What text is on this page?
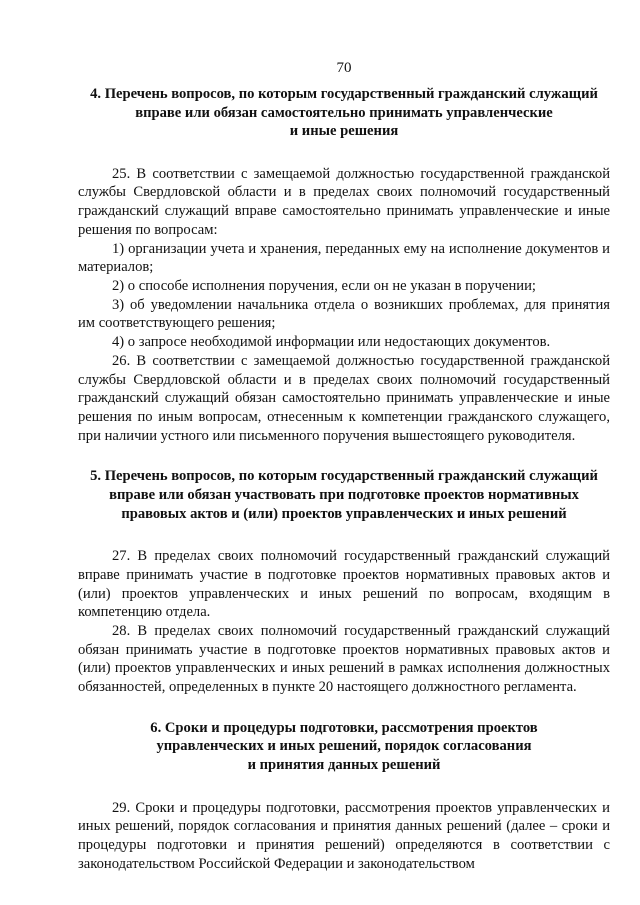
70
4. Перечень вопросов, по которым государственный гражданский служащий
вправе или обязан самостоятельно принимать управленческие
и иные решения

25. В соответствии с замещаемой должностью государственной гражданской службы Свердловской области и в пределах своих полномочий государственный гражданский служащий вправе самостоятельно принимать управленческие и иные решения по вопросам:

1) организации учета и хранения, переданных ему на исполнение документов и материалов;

2) о способе исполнения поручения, если он не указан в поручении;

3) об уведомлении начальника отдела о возникших проблемах, для принятия им соответствующего решения;

4) о запросе необходимой информации или недостающих документов.

26. В соответствии с замещаемой должностью государственной гражданской службы Свердловской области и в пределах своих полномочий государственный гражданский служащий обязан самостоятельно принимать управленческие и иные решения по иным вопросам, отнесенным к компетенции гражданского служащего, при наличии устного или письменного поручения вышестоящего руководителя.

5. Перечень вопросов, по которым государственный гражданский служащий
вправе или обязан участвовать при подготовке проектов нормативных
правовых актов и (или) проектов управленческих и иных решений

27. В пределах своих полномочий государственный гражданский служащий вправе принимать участие в подготовке проектов нормативных правовых актов и (или) проектов управленческих и иных решений по вопросам, входящим в компетенцию отдела.

28. В пределах своих полномочий государственный гражданский служащий обязан принимать участие в подготовке проектов нормативных правовых актов и (или) проектов управленческих и иных решений в рамках исполнения должностных обязанностей, определенных в пункте 20 настоящего должностного регламента.

6. Сроки и процедуры подготовки, рассмотрения проектов
управленческих и иных решений, порядок согласования
и принятия данных решений

29. Сроки и процедуры подготовки, рассмотрения проектов управленческих и иных решений, порядок согласования и принятия данных решений (далее – сроки и процедуры подготовки и принятия решений) определяются в соответствии с законодательством Российской Федерации и законодательством
